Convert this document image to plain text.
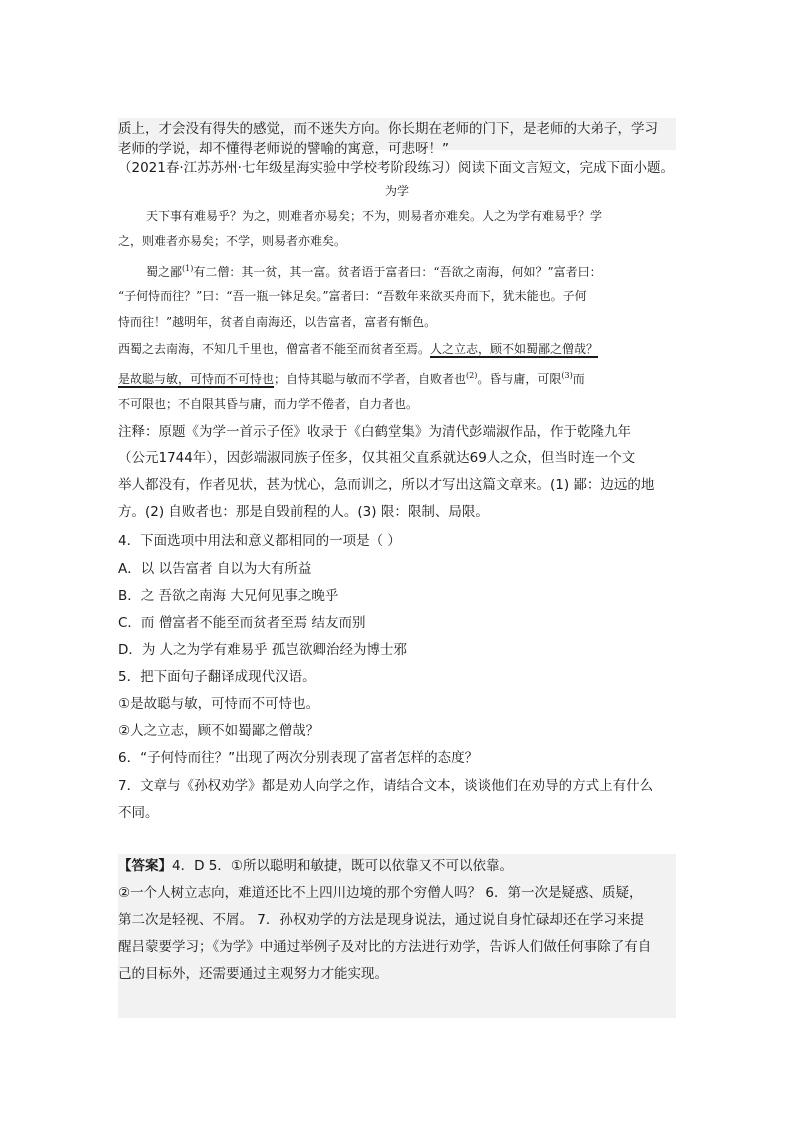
质上，才会没有得失的感觉，而不迷失方向。你长期在老师的门下，是老师的大弟子，学习
老师的学说，却不懂得老师说的譬喻的寓意，可悲呀！”
（2021春·江苏苏州·七年级星海实验中学校考阶段练习）阅读下面文言短文，完成下面小题。
为学
天下事有难易乎？为之，则难者亦易矣；不为，则易者亦难矣。人之为学有难易乎？学
之，则难者亦易矣；不学，则易者亦难矣。
蜀之鄙$^{(1)}$有二僧：其一贫，其一富。贫者语于富者曰：“吾欲之南海，何如？”富者曰：
“子何恃而往？”曰：“吾一瓶一钵足矣。”富者曰：“吾数年来欲买舟而下，犹未能也。子何
恃而往！”越明年，贫者自南海还，以告富者，富者有惭色。
西蜀之去南海，不知几千里也，僧富者不能至而贫者至焉。人之立志，顾不如蜀鄙之僧哉？
是故聪与敏，可恃而不可恃也；自恃其聪与敏而不学者，自败者也$^{(2)}$。昏与庸，可限$^{(3)}$而
不可限也；不自限其昏与庸，而力学不倦者，自力者也。
注释：原题《为学一首示子侄》收录于《白鹤堂集》为清代彭端淑作品，作于乾隆九年
（公元1744年），因彭端淑同族子侄多，仅其祖父直系就达69人之众，但当时连一个文
举人都没有，作者见状，甚为忧心，急而训之，所以才写出这篇文章来。(1) 鄙：边远的地
方。(2) 自败者也：那是自毁前程的人。(3) 限：限制、局限。
4．下面选项中用法和意义都相同的一项是（ ）
A．以 以告富者 自以为大有所益
B．之 吾欲之南海 大兄何见事之晚乎
C．而 僧富者不能至而贫者至焉 结友而别
D．为 人之为学有难易乎 孤岂欲卿治经为博士邪
5．把下面句子翻译成现代汉语。
①是故聪与敏，可恃而不可恃也。
②人之立志，顾不如蜀鄙之僧哉？
6．“子何恃而往？”出现了两次分别表现了富者怎样的态度？
7．文章与《孙权劝学》都是劝人向学之作，请结合文本，谈谈他们在劝导的方式上有什么
不同。
【答案】4．D 5．①所以聪明和敏捷，既可以依靠又不可以依靠。
②一个人树立志向，难道还比不上四川边境的那个穷僧人吗？ 6．第一次是疑惑、质疑，
第二次是轻视、不屑。 7．孙权劝学的方法是现身说法，通过说自身忙碌却还在学习来提
醒吕蒙要学习；《为学》中通过举例子及对比的方法进行劝学，告诉人们做任何事除了有自
己的目标外，还需要通过主观努力才能实现。
